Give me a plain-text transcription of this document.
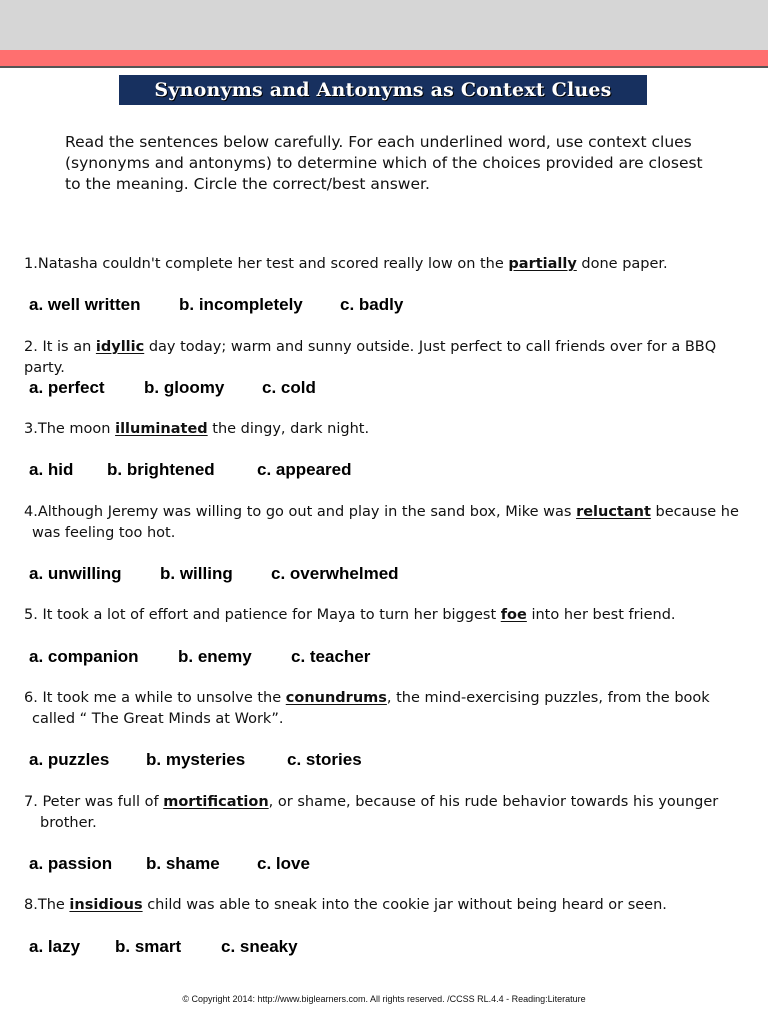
Synonyms and Antonyms as Context Clues
Read the sentences below carefully. For each underlined word, use context clues (synonyms and antonyms) to determine which of the choices provided are closest to the meaning. Circle the correct/best answer.
1.Natasha couldn't complete her test and scored really low on the partially done paper.
a. well written b. incompletely c. badly
2. It is an idyllic day today; warm and sunny outside. Just perfect to call friends over for a BBQ party.
a. perfect b. gloomy c. cold
3.The moon illuminated the dingy, dark night.
a. hid b. brightened c. appeared
4.Although Jeremy was willing to go out and play in the sand box, Mike was reluctant because he
was feeling too hot.
a. unwilling b. willing c. overwhelmed
5. It took a lot of effort and patience for Maya to turn her biggest foe into her best friend.
a. companion b. enemy c. teacher
6. It took me a while to unsolve the conundrums, the mind-exercising puzzles, from the book
called “ The Great Minds at Work”.
a. puzzles b. mysteries c. stories
7. Peter was full of mortification, or shame, because of his rude behavior towards his younger
brother.
a. passion b. shame c. love
8.The insidious child was able to sneak into the cookie jar without being heard or seen.
a. lazy b. smart c. sneaky
© Copyright 2014: http://www.biglearners.com. All rights reserved. /CCSS RL.4.4 - Reading:Literature
